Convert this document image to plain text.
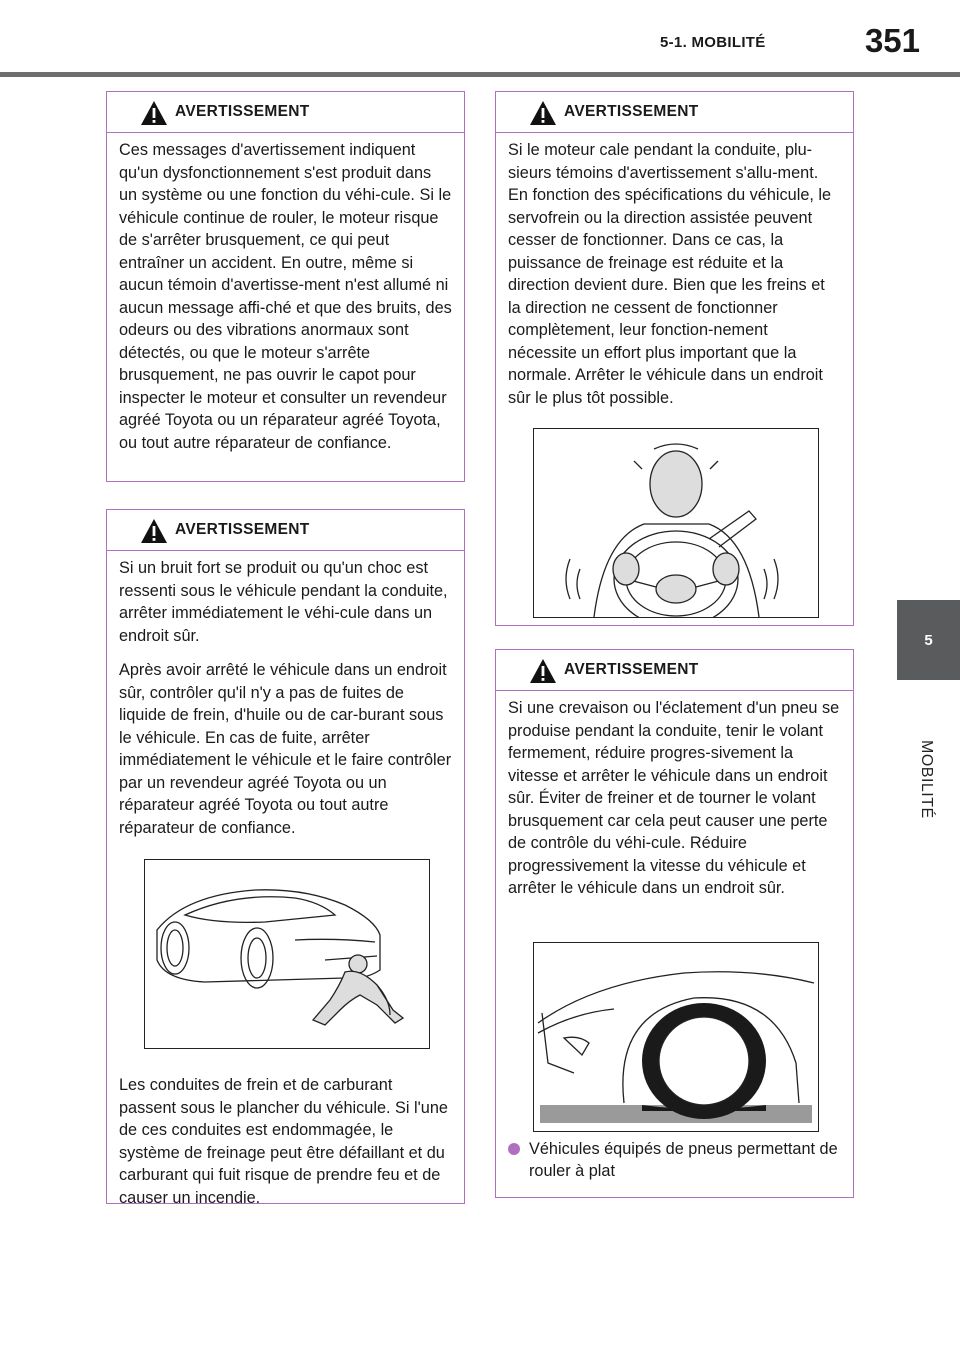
5-1. MOBILITÉ	351
5
MOBILITÉ
AVERTISSEMENT

Ces messages d'avertissement indiquent qu'un dysfonctionnement s'est produit dans un système ou une fonction du véhi-cule. Si le véhicule continue de rouler, le moteur risque de s'arrêter brusquement, ce qui peut entraîner un accident. En outre, même si aucun témoin d'avertisse-ment n'est allumé ni aucun message affi-ché et que des bruits, des odeurs ou des vibrations anormaux sont détectés, ou que le moteur s'arrête brusquement, ne pas ouvrir le capot pour inspecter le moteur et consulter un revendeur agréé Toyota ou un réparateur agréé Toyota, ou tout autre réparateur de confiance.

AVERTISSEMENT

Si un bruit fort se produit ou qu'un choc est ressenti sous le véhicule pendant la conduite, arrêter immédiatement le véhi-cule dans un endroit sûr.

Après avoir arrêté le véhicule dans un endroit sûr, contrôler qu'il n'y a pas de fuites de liquide de frein, d'huile ou de car-burant sous le véhicule. En cas de fuite, arrêter immédiatement le véhicule et le faire contrôler par un revendeur agréé Toyota ou un réparateur agréé Toyota ou tout autre réparateur de confiance.

Les conduites de frein et de carburant passent sous le plancher du véhicule. Si l'une de ces conduites est endommagée, le système de freinage peut être défaillant et du carburant qui fuit risque de prendre feu et de causer un incendie.

AVERTISSEMENT

Si le moteur cale pendant la conduite, plu-sieurs témoins d'avertissement s'allu-ment. En fonction des spécifications du véhicule, le servofrein ou la direction assistée peuvent cesser de fonctionner. Dans ce cas, la puissance de freinage est réduite et la direction devient dure. Bien que les freins et la direction ne cessent de fonctionner complètement, leur fonction-nement nécessite un effort plus important que la normale. Arrêter le véhicule dans un endroit sûr le plus tôt possible.

AVERTISSEMENT

Si une crevaison ou l'éclatement d'un pneu se produise pendant la conduite, tenir le volant fermement, réduire progres-sivement la vitesse et arrêter le véhicule dans un endroit sûr. Éviter de freiner et de tourner le volant brusquement car cela peut causer une perte de contrôle du véhi-cule. Réduire progressivement la vitesse du véhicule et arrêter le véhicule dans un endroit sûr.

Véhicules équipés de pneus permettant de rouler à plat
